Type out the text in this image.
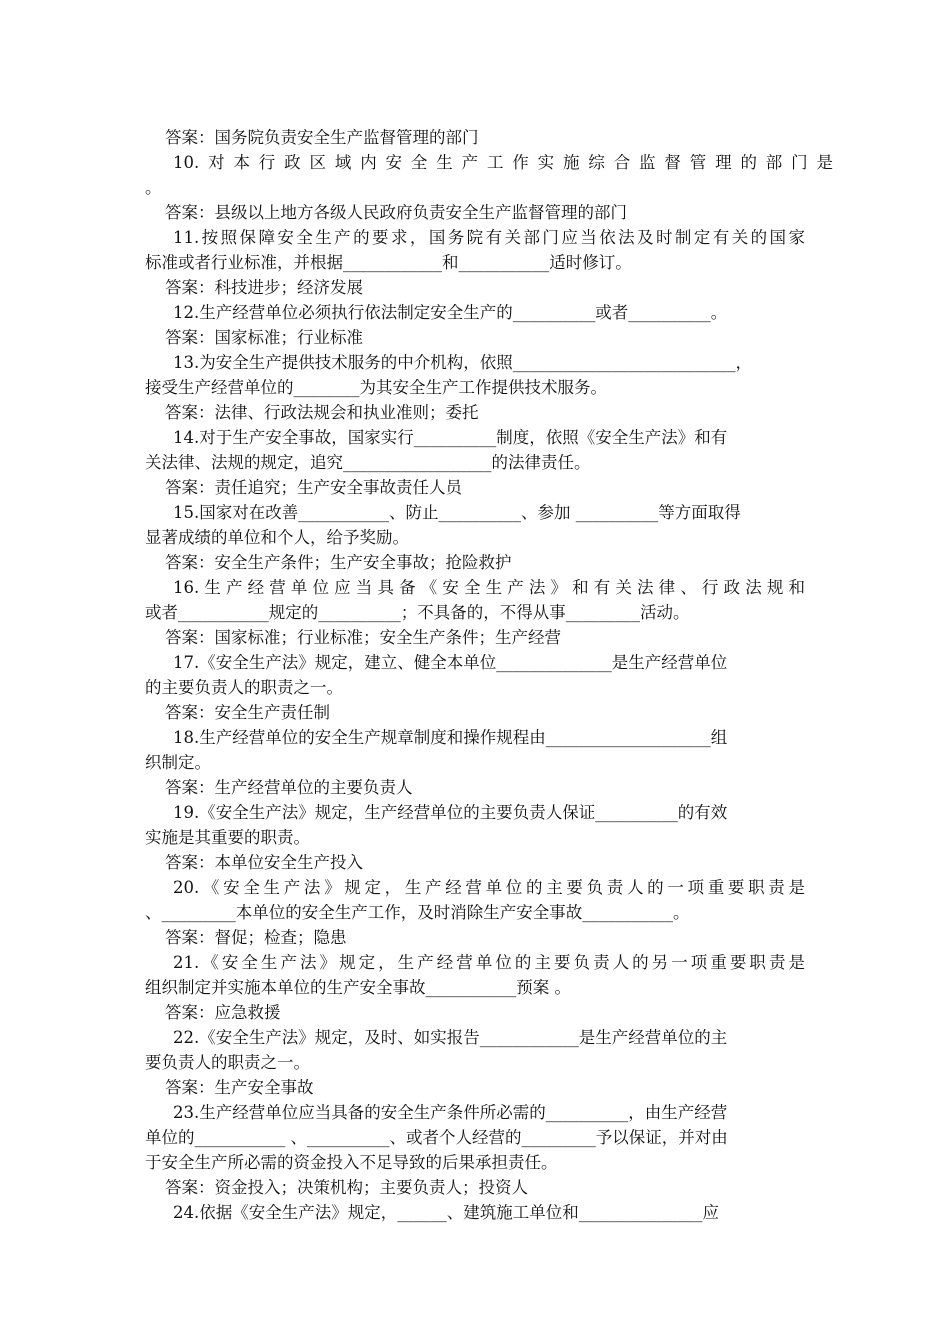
答案：国务院负责安全生产监督管理的部门
10.对本行政区域内安全生产工作实施综合监督管理的部门是
。
答案：县级以上地方各级人民政府负责安全生产监督管理的部门
11.按照保障安全生产的要求，国务院有关部门应当依法及时制定有关的国家
标准或者行业标准，并根据____________和___________适时修订。
答案：科技进步；经济发展
12.生产经营单位必须执行依法制定安全生产的__________或者__________。
答案：国家标准；行业标准
13.为安全生产提供技术服务的中介机构，依照___________________________，
接受生产经营单位的________为其安全生产工作提供技术服务。
答案：法律、行政法规会和执业准则；委托
14.对于生产安全事故，国家实行__________制度，依照《安全生产法》和有
关法律、法规的规定，追究__________________的法律责任。
答案：责任追究；生产安全事故责任人员
15.国家对在改善___________、防止__________、参加 __________等方面取得
显著成绩的单位和个人，给予奖励。
答案：安全生产条件；生产安全事故；抢险救护
16.生产经营单位应当具备《安全生产法》和有关法律、行政法规和
或者___________规定的__________；不具备的，不得从事_________活动。
答案：国家标准；行业标准；安全生产条件；生产经营
17.《安全生产法》规定，建立、健全本单位______________是生产经营单位
的主要负责人的职责之一。
答案：安全生产责任制
18.生产经营单位的安全生产规章制度和操作规程由____________________组
织制定。
答案：生产经营单位的主要负责人
19.《安全生产法》规定，生产经营单位的主要负责人保证__________的有效
实施是其重要的职责。
答案：本单位安全生产投入
20.《安全生产法》规定，生产经营单位的主要负责人的一项重要职责是
、_________本单位的安全生产工作，及时消除生产安全事故___________。
答案：督促；检查；隐患
21.《安全生产法》规定，生产经营单位的主要负责人的另一项重要职责是
组织制定并实施本单位的生产安全事故___________预案 。
答案：应急救援
22.《安全生产法》规定，及时、如实报告____________是生产经营单位的主
要负责人的职责之一。
答案：生产安全事故
23.生产经营单位应当具备的安全生产条件所必需的__________，由生产经营
单位的___________ 、__________、或者个人经营的_________予以保证，并对由
于安全生产所必需的资金投入不足导致的后果承担责任。
答案：资金投入；决策机构；主要负责人；投资人
24.依据《安全生产法》规定，______、建筑施工单位和_______________应
